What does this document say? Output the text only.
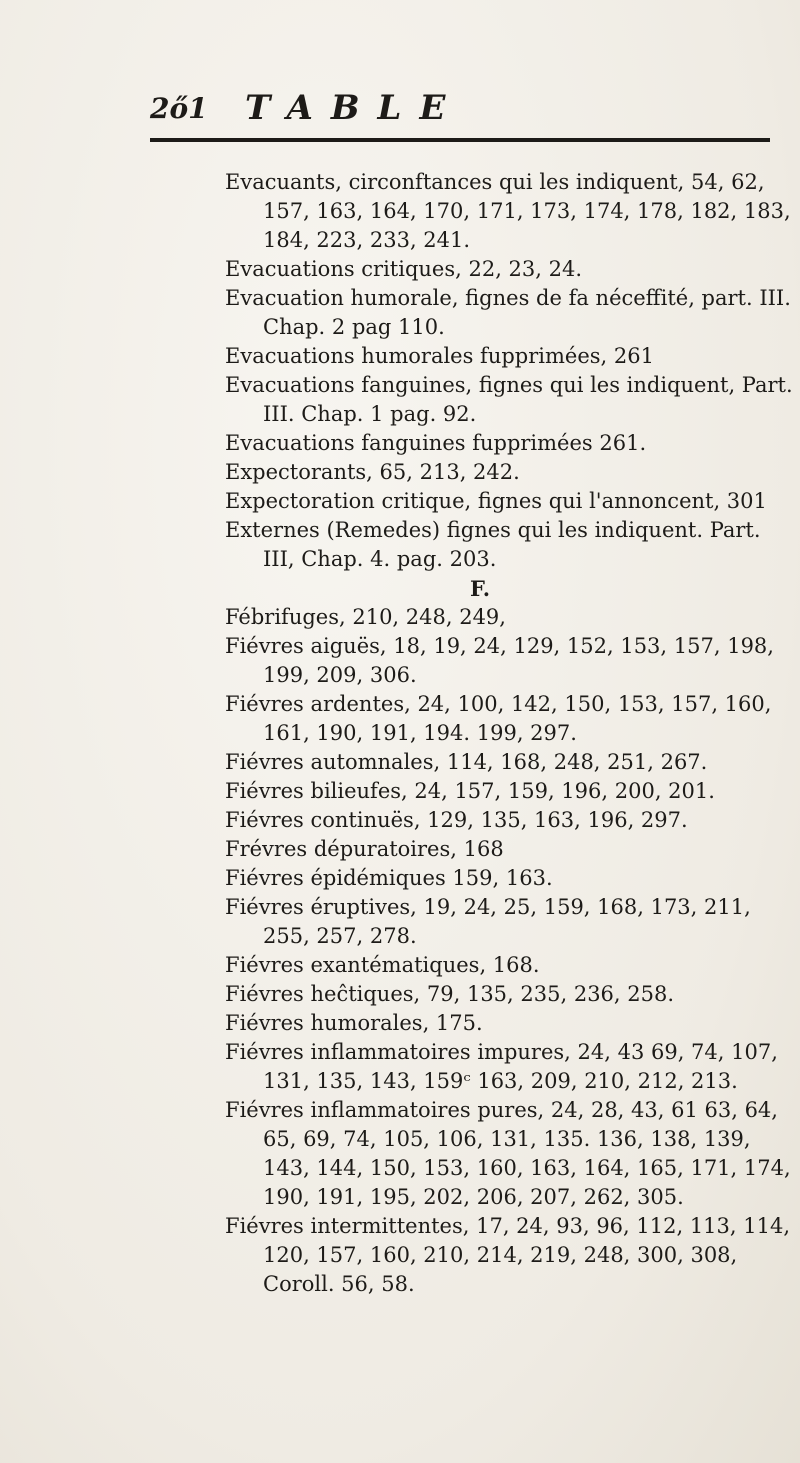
2ő1 TABLE

Evacuants, circonftances qui les indiquent, 54, 62, 157, 163, 164, 170, 171, 173, 174, 178, 182, 183, 184, 223, 233, 241.

Evacuations critiques, 22, 23, 24.

Evacuation humorale, fignes de fa néceffité, part. III. Chap. 2 pag 110.

Evacuations humorales fupprimées, 261

Evacuations fanguines, fignes qui les indiquent, Part. III. Chap. 1 pag. 92.

Evacuations fanguines fupprimées 261.

Expectorants, 65, 213, 242.

Expectoration critique, fignes qui l'annoncent, 301

Externes (Remedes) fignes qui les indiquent. Part. III, Chap. 4. pag. 203.

F.

Fébrifuges, 210, 248, 249,

Fiévres aiguës, 18, 19, 24, 129, 152, 153, 157, 198, 199, 209, 306.

Fiévres ardentes, 24, 100, 142, 150, 153, 157, 160, 161, 190, 191, 194. 199, 297.

Fiévres automnales, 114, 168, 248, 251, 267.

Fiévres bilieufes, 24, 157, 159, 196, 200, 201.

Fiévres continuës, 129, 135, 163, 196, 297.

Frévres dépuratoires, 168

Fiévres épidémiques 159, 163.

Fiévres éruptives, 19, 24, 25, 159, 168, 173, 211, 255, 257, 278.

Fiévres exantématiques, 168.

Fiévres heĉtiques, 79, 135, 235, 236, 258.

Fiévres humorales, 175.

Fiévres inflammatoires impures, 24, 43 69, 74, 107, 131, 135, 143, 159ᶜ 163, 209, 210, 212, 213.

Fiévres inflammatoires pures, 24, 28, 43, 61 63, 64, 65, 69, 74, 105, 106, 131, 135. 136, 138, 139, 143, 144, 150, 153, 160, 163, 164, 165, 171, 174, 190, 191, 195, 202, 206, 207, 262, 305.

Fiévres intermittentes, 17, 24, 93, 96, 112, 113, 114, 120, 157, 160, 210, 214, 219, 248, 300, 308, Coroll. 56, 58.
